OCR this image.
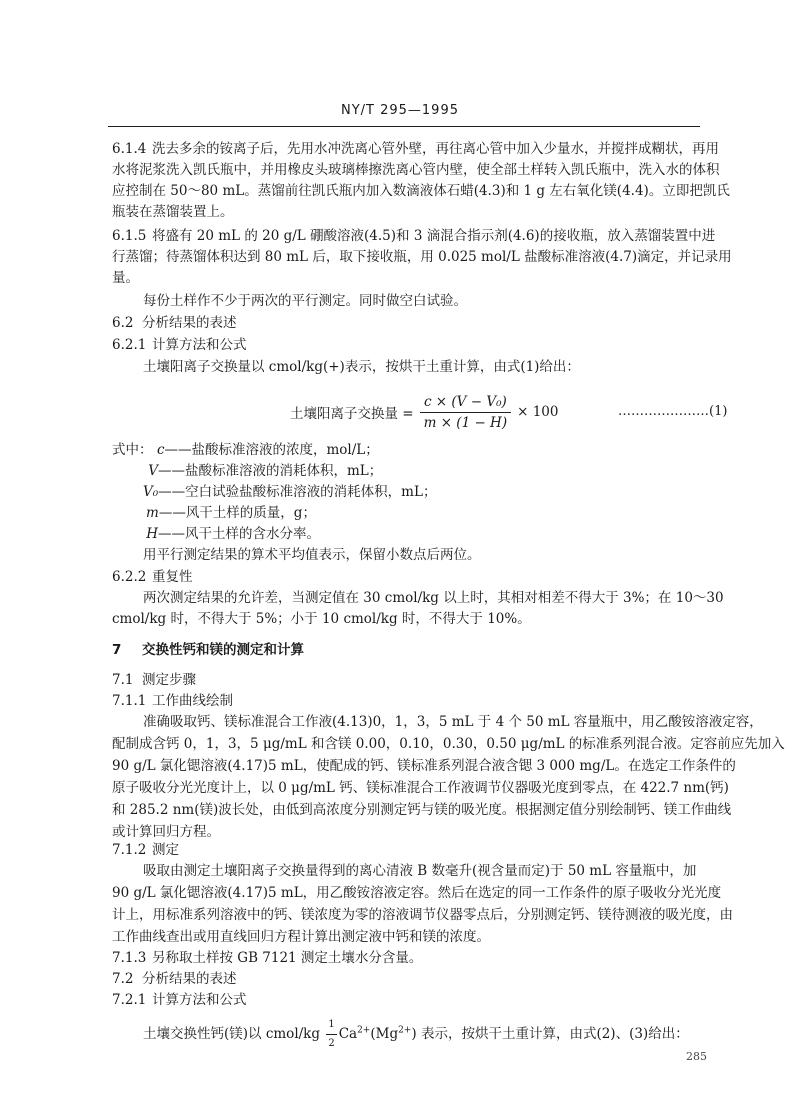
NY/T 295—1995
6.1.4 洗去多余的铵离子后，先用水冲洗离心管外壁，再往离心管中加入少量水，并搅拌成糊状，再用
水将泥浆洗入凯氏瓶中，并用橡皮头玻璃棒擦洗离心管内壁，使全部土样转入凯氏瓶中，洗入水的体积
应控制在 50～80 mL。蒸馏前往凯氏瓶内加入数滴液体石蜡(4.3)和 1 g 左右氧化镁(4.4)。立即把凯氏
瓶装在蒸馏装置上。
6.1.5 将盛有 20 mL 的 20 g/L 硼酸溶液(4.5)和 3 滴混合指示剂(4.6)的接收瓶，放入蒸馏装置中进
行蒸馏；待蒸馏体积达到 80 mL 后，取下接收瓶，用 0.025 mol/L 盐酸标准溶液(4.7)滴定，并记录用
量。
每份土样作不少于两次的平行测定。同时做空白试验。
6.2 分析结果的表述
6.2.1 计算方法和公式
土壤阳离子交换量以 cmol/kg(+)表示，按烘干土重计算，由式(1)给出：
土壤阳离子交换量 = $\frac{\text{c × (V − V₀)}}{m \times (1 - H)} \times 100$	…………………(1)
式中： c——盐酸标准溶液的浓度，mol/L；
V——盐酸标准溶液的消耗体积，mL；
V₀——空白试验盐酸标准溶液的消耗体积，mL；
m——风干土样的质量，g；
H——风干土样的含水分率。
用平行测定结果的算术平均值表示，保留小数点后两位。
6.2.2 重复性
两次测定结果的允许差，当测定值在 30 cmol/kg 以上时，其相对相差不得大于 3%；在 10～30
cmol/kg 时，不得大于 5%；小于 10 cmol/kg 时，不得大于 10%。
7 交换性钙和镁的测定和计算
7.1 测定步骤
7.1.1 工作曲线绘制
准确吸取钙、镁标准混合工作液(4.13)0，1，3，5 mL 于 4 个 50 mL 容量瓶中，用乙酸铵溶液定容，
配制成含钙 0，1，3，5 μg/mL 和含镁 0.00，0.10，0.30，0.50 μg/mL 的标准系列混合液。定容前应先加入
90 g/L 氯化锶溶液(4.17)5 mL，使配成的钙、镁标准系列混合液含锶 3 000 mg/L。在选定工作条件的
原子吸收分光光度计上，以 0 μg/mL 钙、镁标准混合工作液调节仪器吸光度到零点，在 422.7 nm(钙)
和 285.2 nm(镁)波长处，由低到高浓度分别测定钙与镁的吸光度。根据测定值分别绘制钙、镁工作曲线
或计算回归方程。
7.1.2 测定
吸取由测定土壤阳离子交换量得到的离心清液 B 数毫升(视含量而定)于 50 mL 容量瓶中，加
90 g/L 氯化锶溶液(4.17)5 mL，用乙酸铵溶液定容。然后在选定的同一工作条件的原子吸收分光光度
计上，用标准系列溶液中的钙、镁浓度为零的溶液调节仪器零点后，分别测定钙、镁待测液的吸光度，由
工作曲线查出或用直线回归方程计算出测定液中钙和镁的浓度。
7.1.3 另称取土样按 GB 7121 测定土壤水分含量。
7.2 分析结果的表述
7.2.1 计算方法和公式
土壤交换性钙(镁)以 cmol/kg $\frac{1}{2} Ca^{2+}(Mg^{2+})$ 表示，按烘干土重计算，由式(2)、(3)给出：
285
